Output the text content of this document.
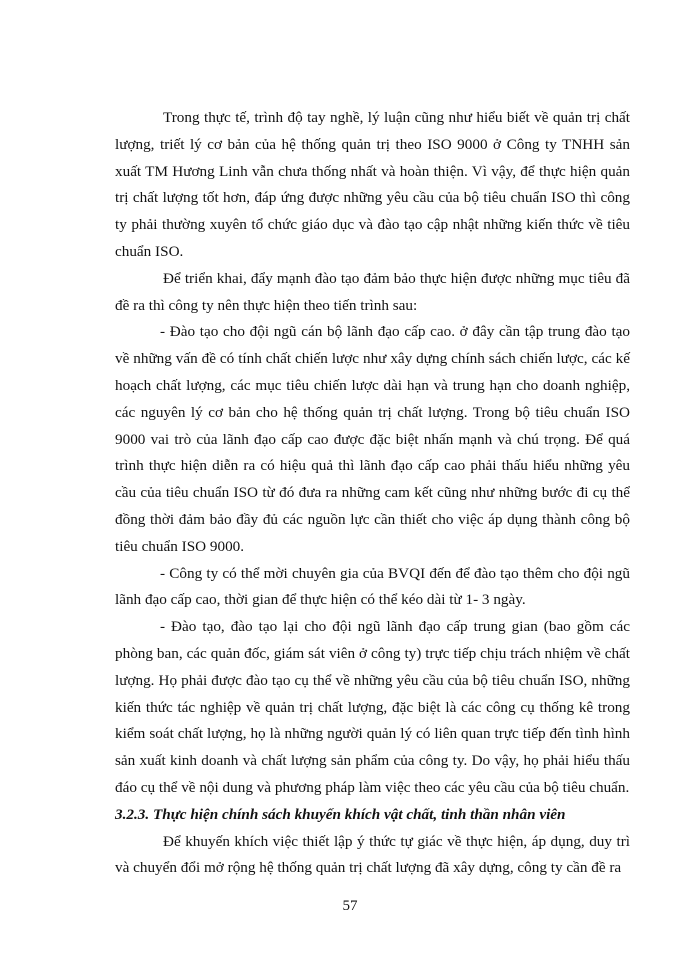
Trong thực tế, trình độ tay nghề, lý luận cũng như hiểu biết về quản trị chất lượng, triết lý cơ bản của hệ thống quản trị theo ISO 9000 ở Công ty TNHH sản xuất TM Hương Linh vẫn chưa thống nhất và hoàn thiện. Vì vậy, để thực hiện quản trị chất lượng tốt hơn, đáp ứng được những yêu cầu của bộ tiêu chuẩn ISO thì công ty phải thường xuyên tổ chức giáo dục và đào tạo cập nhật những kiến thức về tiêu chuẩn ISO.

Để triển khai, đẩy mạnh đào tạo đảm bảo thực hiện được những mục tiêu đã đề ra thì công ty nên thực hiện theo tiến trình sau:

- Đào tạo cho đội ngũ cán bộ lãnh đạo cấp cao. ở đây cần tập trung đào tạo về những vấn đề có tính chất chiến lược như xây dựng chính sách chiến lược, các kế hoạch chất lượng, các mục tiêu chiến lược dài hạn và trung hạn cho doanh nghiệp, các nguyên lý cơ bản cho hệ thống quản trị chất lượng. Trong bộ tiêu chuẩn ISO 9000 vai trò của lãnh đạo cấp cao được đặc biệt nhấn mạnh và chú trọng. Để quá trình thực hiện diễn ra có hiệu quả thì lãnh đạo cấp cao phải thấu hiểu những yêu cầu của tiêu chuẩn ISO từ đó đưa ra những cam kết cũng như những bước đi cụ thể đồng thời đảm bảo đầy đủ các nguồn lực cần thiết cho việc áp dụng thành công bộ tiêu chuẩn ISO 9000.

- Công ty có thể mời chuyên gia của BVQI đến để đào tạo thêm cho đội ngũ lãnh đạo cấp cao, thời gian để thực hiện có thể kéo dài từ 1- 3 ngày.

- Đào tạo, đào tạo lại cho đội ngũ lãnh đạo cấp trung gian (bao gồm các phòng ban, các quản đốc, giám sát viên ở công ty) trực tiếp chịu trách nhiệm về chất lượng. Họ phải được đào tạo cụ thể về những yêu cầu của bộ tiêu chuẩn ISO, những kiến thức tác nghiệp về quản trị chất lượng, đặc biệt là các công cụ thống kê trong kiểm soát chất lượng, họ là những người quản lý có liên quan trực tiếp đến tình hình sản xuất kinh doanh và chất lượng sản phẩm của công ty. Do vậy, họ phải hiểu thấu đáo cụ thể về nội dung và phương pháp làm việc theo các yêu cầu của bộ tiêu chuẩn.

3.2.3. Thực hiện chính sách khuyến khích vật chất, tinh thần nhân viên

Để khuyến khích việc thiết lập ý thức tự giác về thực hiện, áp dụng, duy trì và chuyển đổi mở rộng hệ thống quản trị chất lượng đã xây dựng, công ty cần đề ra

57
